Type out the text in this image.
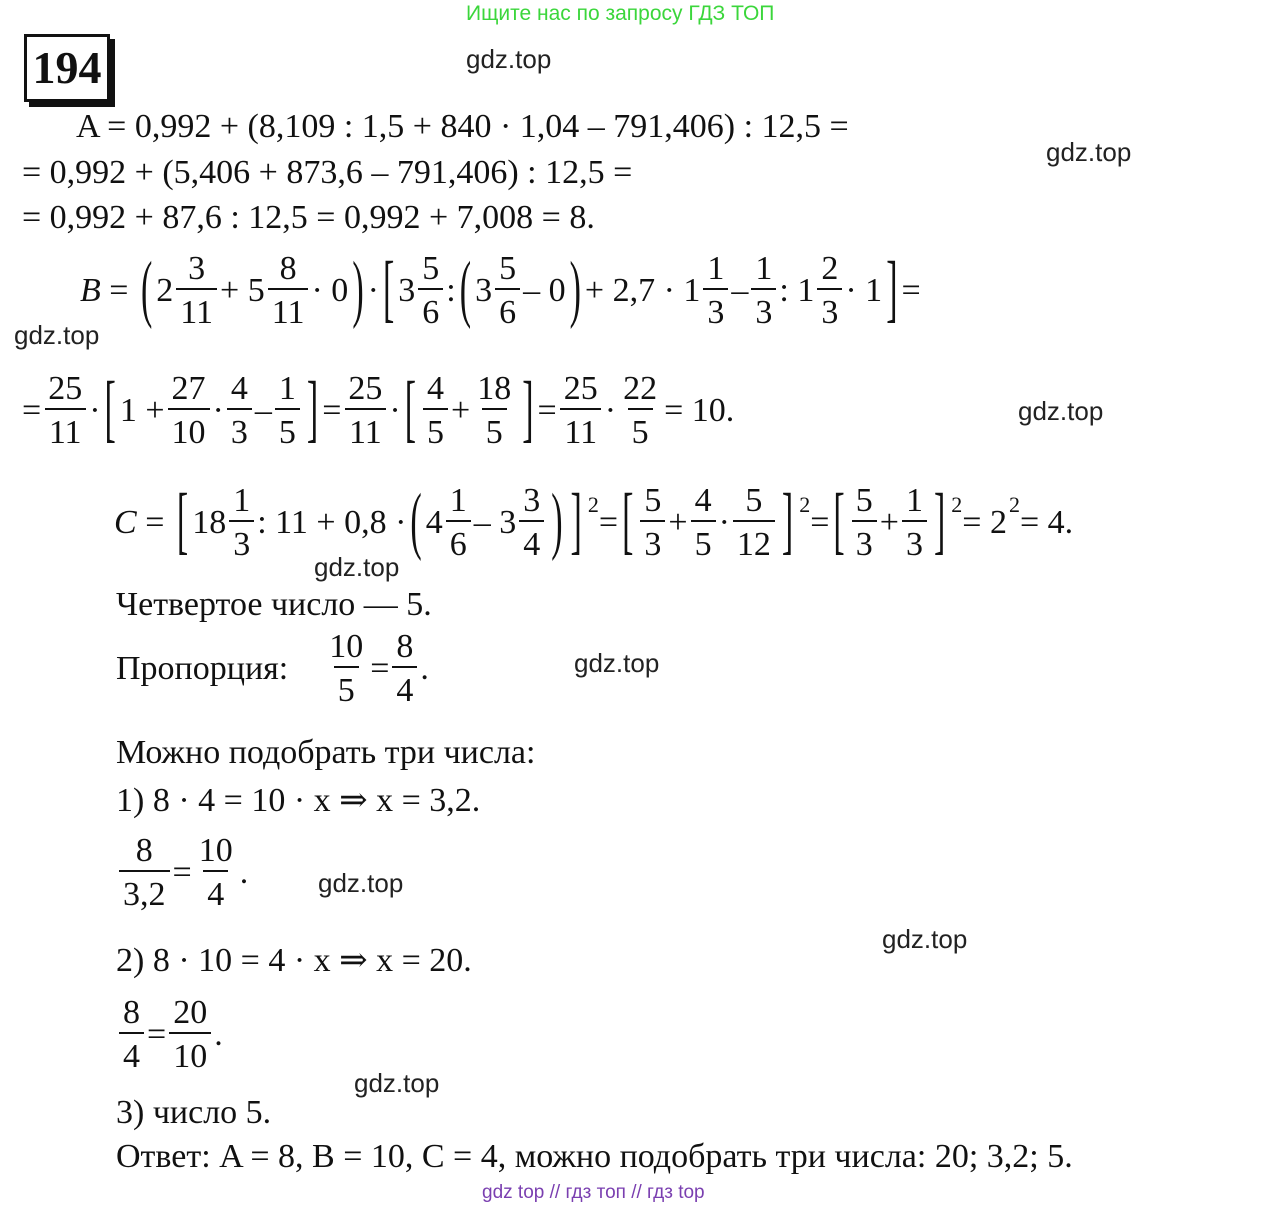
Ищите нас по запросу ГДЗ ТОП
194	gdz.top
gdz.top
gdz.top
gdz.top
gdz.top
gdz.top
gdz.top
gdz.top
gdz.top
A = 0,992 + (8,109 : 1,5 + 840 · 1,04 – 791,406) : 12,5 =
= 0,992 + (5,406 + 873,6 – 791,406) : 12,5 =
= 0,992 + 87,6 : 12,5 = 0,992 + 7,008 = 8.
B = ( $2 \frac{3}{11} + 5 \frac{8}{11} \cdot 0$ ) · [ $3 \frac{5}{6}$ : ( $3 \frac{5}{6} - 0$ ) + $2,7 \cdot 1 \frac{1}{3} - \frac{1}{3}$ : $1 \frac{2}{3} \cdot 1$ ] =
= $\frac{25}{11}$ · [ $1 + \frac{27}{10} \cdot \frac{4}{3} - \frac{1}{5}$ ] = $\frac{25}{11}$ · [ $\frac{4}{5} + \frac{18}{5}$ ] = $\frac{25}{11} \cdot \frac{22}{5} = 10$.
C = [ $18 \frac{1}{3}$ : 11 + 0,8 · ( $4 \frac{1}{6} - 3 \frac{3}{4}$ ) ] 2 = [ $\frac{5}{3} + \frac{4}{5} \cdot \frac{5}{12}$ ] 2 = [ $\frac{5}{3} + \frac{1}{3}$ ] 2 = 2 2 = 4.
Четвертое число — 5.
Пропорция:
$\frac{10}{5} = \frac{8}{4}$ .
Можно подобрать три числа:
1) 8 · 4 = 10 · x ⇒ x = 3,2.
$\frac{8}{3,2} = \frac{10}{4}$ .
2) 8 · 10 = 4 · x ⇒ x = 20.
$\frac{8}{4} = \frac{20}{10}$ .
3) число 5.
Ответ: A = 8, B = 10, C = 4, можно подобрать три числа: 20; 3,2; 5.
gdz top // гдз топ // гдз top
